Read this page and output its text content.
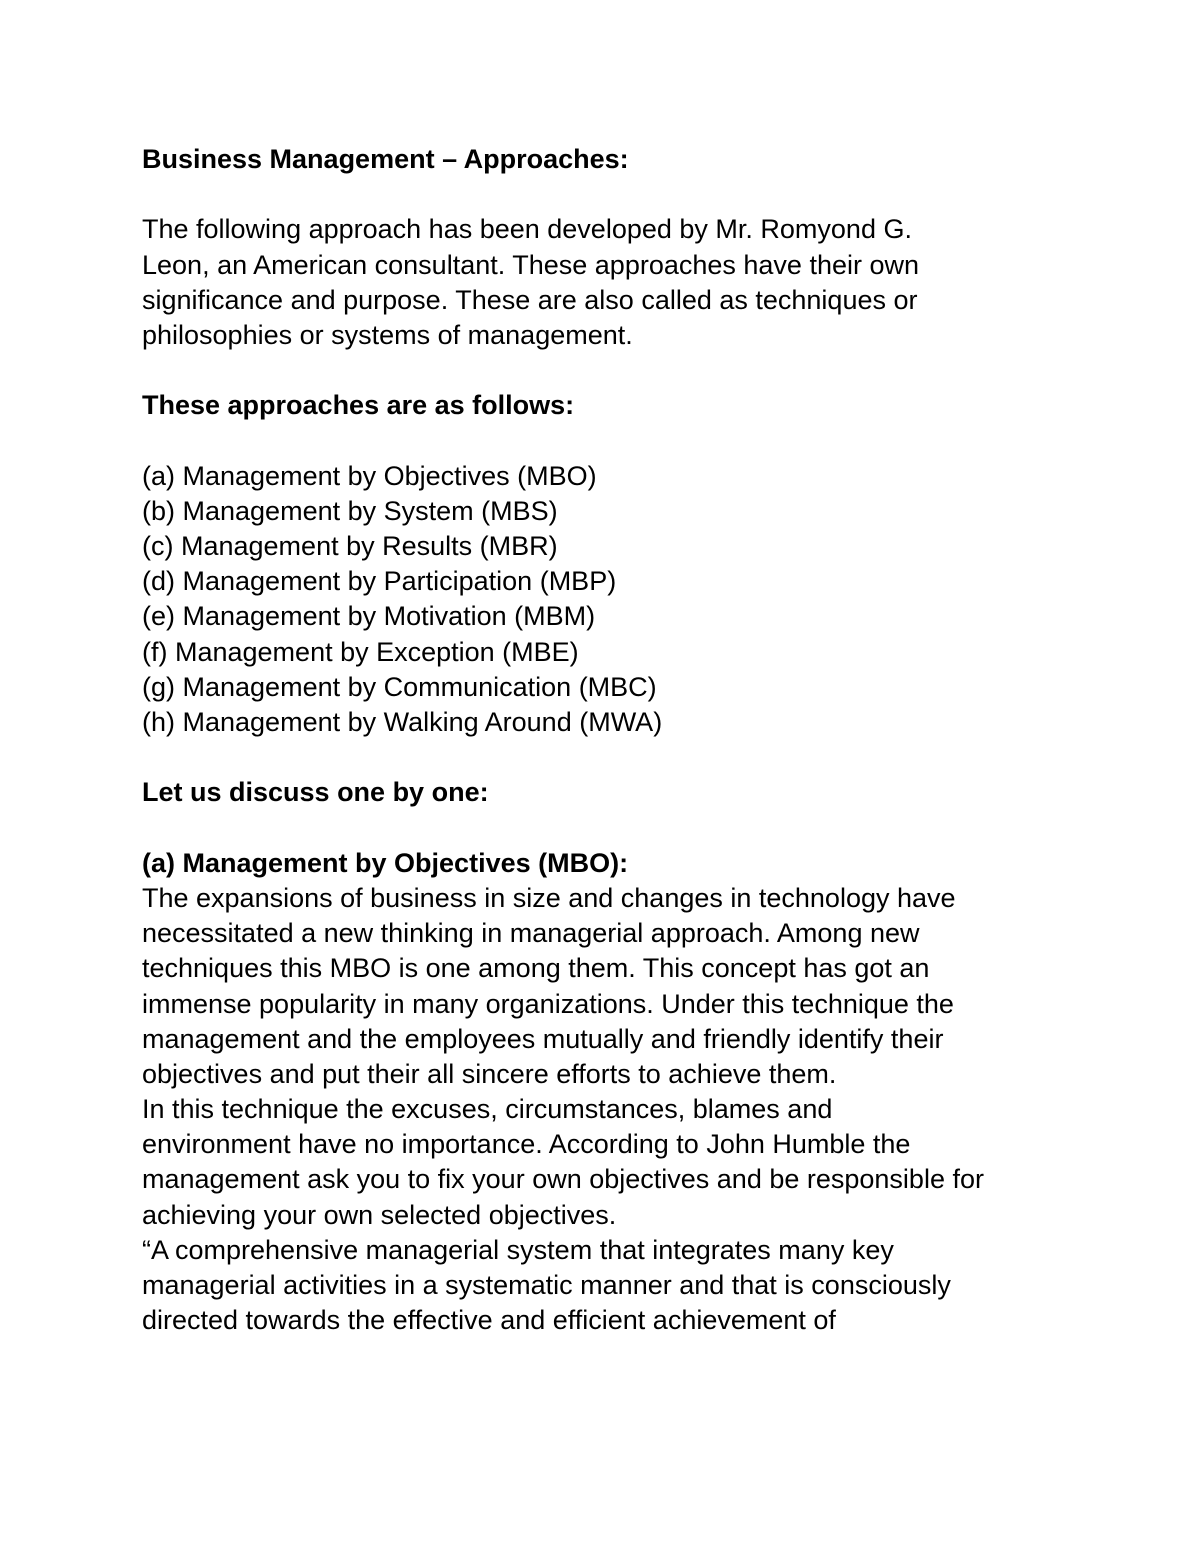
Business Management – Approaches:
The following approach has been developed by Mr. Romyond G.
Leon, an American consultant. These approaches have their own
significance and purpose. These are also called as techniques or
philosophies or systems of management.
These approaches are as follows:
(a) Management by Objectives (MBO)
(b) Management by System (MBS)
(c) Management by Results (MBR)
(d) Management by Participation (MBP)
(e) Management by Motivation (MBM)
(f) Management by Exception (MBE)
(g) Management by Communication (MBC)
(h) Management by Walking Around (MWA)
Let us discuss one by one:
(a) Management by Objectives (MBO):
The expansions of business in size and changes in technology have
necessitated a new thinking in managerial approach. Among new
techniques this MBO is one among them. This concept has got an
immense popularity in many organizations. Under this technique the
management and the employees mutually and friendly identify their
objectives and put their all sincere efforts to achieve them.
In this technique the excuses, circumstances, blames and
environment have no importance. According to John Humble the
management ask you to fix your own objectives and be responsible for
achieving your own selected objectives.
“A comprehensive managerial system that integrates many key
managerial activities in a systematic manner and that is consciously
directed towards the effective and efficient achievement of
